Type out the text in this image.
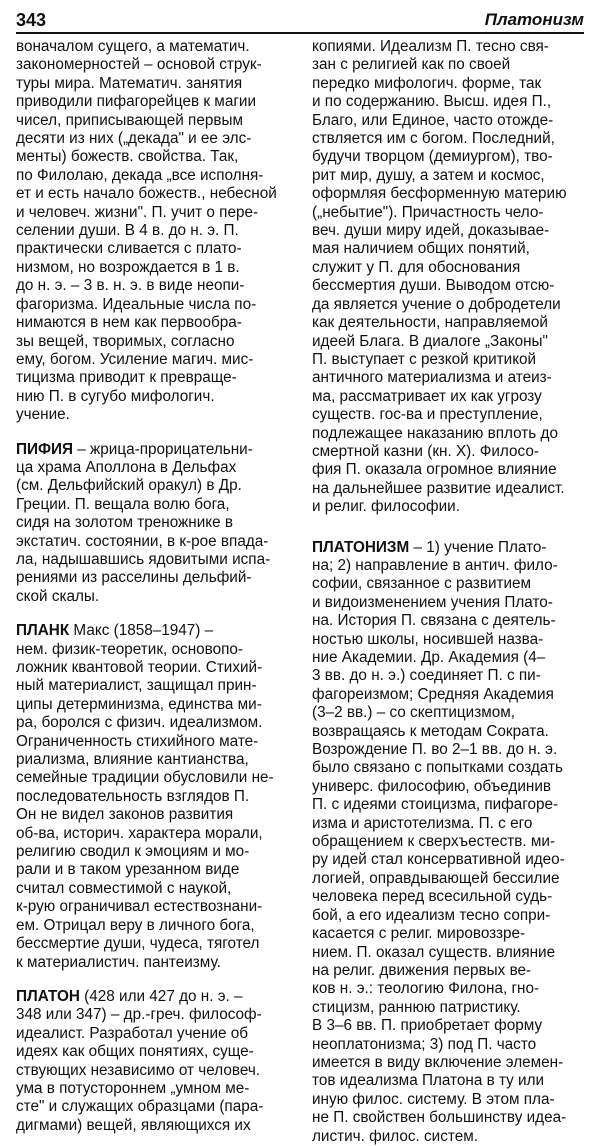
343	Платонизм

воначалом сущего, а математич.
закономерностей – основой струк-
туры мира. Математич. занятия
приводили пифагорейцев к магии
чисел, приписывающей первым
десяти из них („декада" и ее элс-
менты) божеств. свойства. Так,
по Филолаю, декада „все исполня-
ет и есть начало божеств., небесной
и человеч. жизни". П. учит о пере-
селении души. В 4 в. до н. э. П.
практически сливается с плато-
низмом, но возрождается в 1 в.
до н. э. – 3 в. н. э. в виде неопи-
фагоризма. Идеальные числа по-
нимаются в нем как первообра-
зы вещей, творимых, согласно
ему, богом. Усиление магич. мис-
тицизма приводит к превраще-
нию П. в сугубо мифологич.
учение.

ПИФИЯ – жрица-прорицательни-
ца храма Аполлона в Дельфах
(см. Дельфийский оракул) в Др.
Греции. П. вещала волю бога,
сидя на золотом треножнике в
экстатич. состоянии, в к-рое впада-
ла, надышавшись ядовитыми испа-
рениями из расселины дельфий-
ской скалы.

ПЛАНК Макс (1858–1947) –
нем. физик-теоретик, основопо-
ложник квантовой теории. Стихий-
ный материалист, защищал прин-
ципы детерминизма, единства ми-
ра, боролся с физич. идеализмом.
Ограниченность стихийного мате-
риализма, влияние кантианства,
семейные традиции обусловили не-
последовательность взглядов П.
Он не видел законов развития
об-ва, историч. характера морали,
религию сводил к эмоциям и мо-
рали и в таком урезанном виде
считал совместимой с наукой,
к-рую ограничивал естествознани-
ем. Отрицал веру в личного бога,
бессмертие души, чудеса, тяготел
к материалистич. пантеизму.

ПЛАТОН (428 или 427 до н. э. –
348 или 347) – др.-греч. философ-
идеалист. Разработал учение об
идеях как общих понятиях, суще-
ствующих независимо от человеч.
ума в потустороннем „умном ме-
сте" и служащих образцами (пара-
дигмами) вещей, являющихся их

копиями. Идеализм П. тесно свя-
зан с религией как по своей
передко мифологич. форме, так
и по содержанию. Высш. идея П.,
Благо, или Единое, часто отожде-
ствляется им с богом. Последний,
будучи творцом (демиургом), тво-
рит мир, душу, а затем и космос,
оформляя бесформенную материю
(„небытие"). Причастность чело-
веч. души миру идей, доказывае-
мая наличием общих понятий,
служит у П. для обоснования
бессмертия души. Выводом отсю-
да является учение о добродетели
как деятельности, направляемой
идеей Блага. В диалоге „Законы"
П. выступает с резкой критикой
античного материализма и атеиз-
ма, рассматривает их как угрозу
существ. гос-ва и преступление,
подлежащее наказанию вплоть до
смертной казни (кн. X). Филосо-
фия П. оказала огромное влияние
на дальнейшее развитие идеалист.
и религ. философии.

ПЛАТОНИЗМ – 1) учение Плато-
на; 2) направление в антич. фило-
софии, связанное с развитием
и видоизменением учения Плато-
на. История П. связана с деятель-
ностью школы, носившей назва-
ние Академии. Др. Академия (4–
3 вв. до н. э.) соединяет П. с пи-
фагореизмом; Средняя Академия
(3–2 вв.) – со скептицизмом,
возвращаясь к методам Сократа.
Возрождение П. во 2–1 вв. до н. э.
было связано с попытками создать
универс. философию, объединив
П. с идеями стоицизма, пифагоре-
изма и аристотелизма. П. с его
обращением к сверхъестеств. ми-
ру идей стал консервативной идео-
логией, оправдывающей бессилие
человека перед всесильной судь-
бой, а его идеализм тесно сопри-
касается с религ. мировоззре-
нием. П. оказал существ. влияние
на религ. движения первых ве-
ков н. э.: теологию Филона, гно-
стицизм, раннюю патристику.
В 3–6 вв. П. приобретает форму
неоплатонизма; 3) под П. часто
имеется в виду включение элемен-
тов идеализма Платона в ту или
иную филос. систему. В этом пла-
не П. свойствен большинству идеа-
листич. филос. систем.
